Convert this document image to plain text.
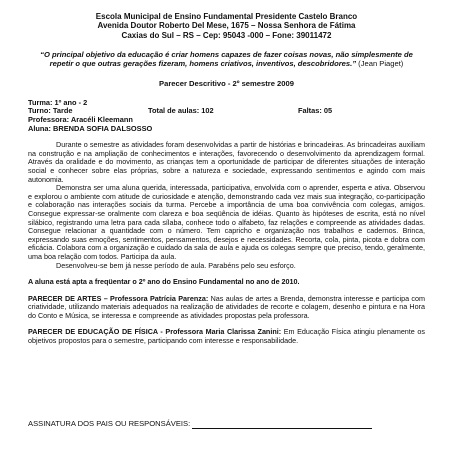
Escola Municipal de Ensino Fundamental Presidente Castelo Branco
Avenida Doutor Roberto Del Mese, 1675 – Nossa Senhora de Fátima
Caxias do Sul – RS – Cep: 95043 -000 – Fone: 39011472
“O principal objetivo da educação é criar homens capazes de fazer coisas novas, não simplesmente de repetir o que outras gerações fizeram, homens criativos, inventivos, descobridores.” (Jean Piaget)
Parecer Descritivo - 2º semestre 2009
Turma: 1º ano - 2
Turno: Tarde	Total de aulas: 102	Faltas: 05
Professora: Aracéli Kleemann
Aluna: BRENDA SOFIA DALSOSSO

Durante o semestre as atividades foram desenvolvidas a partir de histórias e brincadeiras. As brincadeiras auxiliam na construção e na ampliação de conhecimentos e interações, favorecendo o desenvolvimento da aprendizagem formal. Através da oralidade e do movimento, as crianças tem a oportunidade de participar de diferentes situações de interação social e conhecer sobre elas próprias, sobre a natureza e sociedade, expressando sentimentos e agindo com mais autonomia.

Demonstra ser uma aluna querida, interessada, participativa, envolvida com o aprender, esperta e ativa. Observou e explorou o ambiente com atitude de curiosidade e atenção, demonstrando cada vez mais sua integração, co-participação e colaboração nas interações sociais da turma. Percebe a importância de uma boa convivência com colegas, amigos. Consegue expressar-se oralmente com clareza e boa seqüência de idéias. Quanto às hipóteses de escrita, está no nível silábico, registrando uma letra para cada sílaba, conhece todo o alfabeto, faz relações e compreende as atividades dadas. Consegue relacionar a quantidade com o número. Tem capricho e organização nos trabalhos e cadernos. Brinca, expressando suas emoções, sentimentos, pensamentos, desejos e necessidades. Recorta, cola, pinta, picota e dobra com eficácia. Colabora com a organização e cuidado da sala de aula e ajuda os colegas sempre que preciso, tendo, geralmente, uma boa relação com todos. Participa da aula.

Desenvolveu-se bem já nesse período de aula. Parabéns pelo seu esforço.

A aluna está apta a freqüentar o 2º ano do Ensino Fundamental no ano de 2010.

PARECER DE ARTES – Professora Patrícia Parenza: Nas aulas de artes a Brenda, demonstra interesse e participa com criatividade, utilizando materiais adequados na realização de atividades de recorte e colagem, desenho e pintura e na Hora do Conto e Música, se interessa e compreende as atividades propostas pela professora.

PARECER DE EDUCAÇÃO DE FÍSICA - Professora Maria Clarissa Zanini: Em Educação Física atingiu plenamente os objetivos propostos para o semestre, participando com interesse e responsabilidade.

ASSINATURA DOS PAIS OU RESPONSÁVEIS:
